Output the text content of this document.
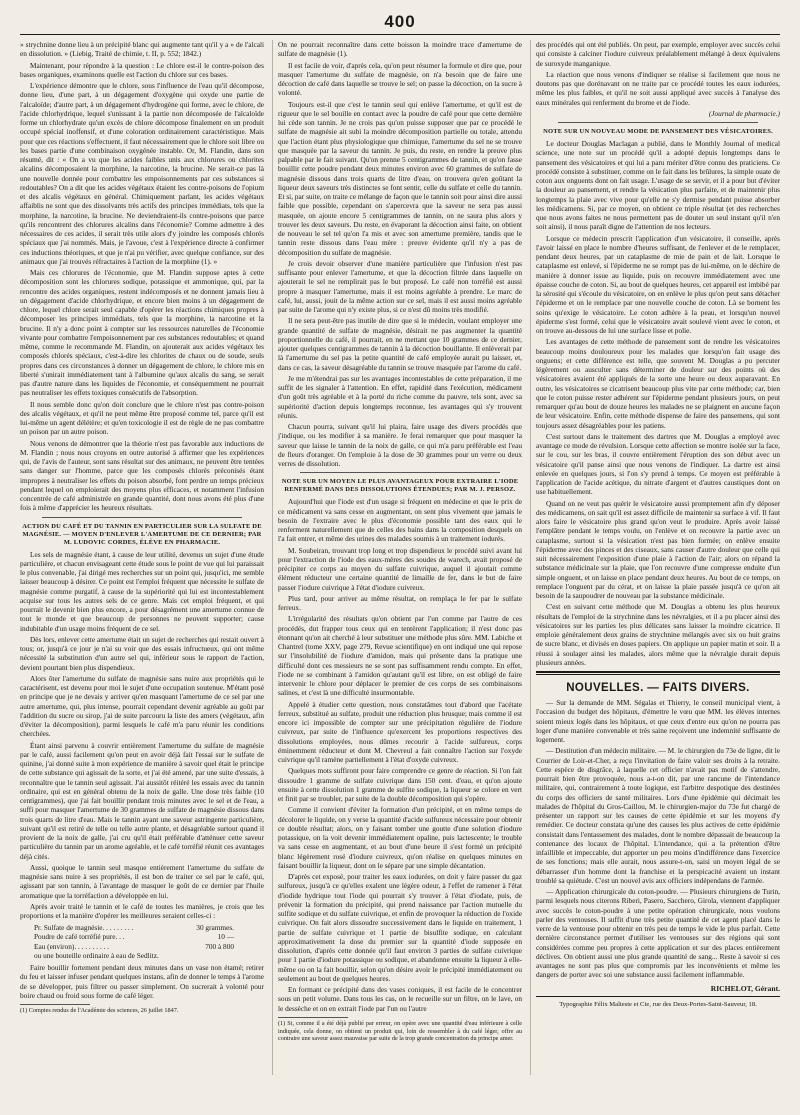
400

» strychnine donne lieu à un précipité blanc qui augmente tant qu'il y a » de l'alcali en dissolution. » (Liebig, Traité de chimie, t. II, p. 552; 1842.)

Maintenant, pour répondre à la question : Le chlore est-il le contre-poison des bases organiques, examinons quelle est l'action du chlore sur ces bases.

L'expérience démontre que le chlore, sous l'influence de l'eau qu'il décompose, donne lieu, d'une part, à un dégagement d'oxygène qui oxyde une partie de l'alcaloïde; d'autre part, à un dégagement d'hydrogène qui forme, avec le chlore, de l'acide chlorhydrique, lequel s'unissant à la partie non décomposée de l'alcaloïde forme un chlorhydrate qu'un excès de chlore décompose finalement en un produit occupé spécial inoffensif, et d'une coloration ordinairement caractéristique. Mais pour que ces réactions s'effectuent, il faut nécessairement que le chlore soit libre ou les bases partie d'une combinaison oxygénée instable. Or, M. Flandin, dans son résumé, dit : « On a vu que les acides faibles unis aux chlorures ou chlorites alcalins décomposaient la morphine, la narcotine, la brucine. Ne serait-ce pas là une nouvelle donnée pour combattre les empoisonnements par ces substances si redoutables? On a dit que les acides végétaux étaient les contre-poisons de l'opium et des alcalis végétaux en général. Chimiquement parlant, les acides végétaux affaiblis ne sont que des dissolvants très actifs des principes immédiats, tels que la morphine, la narcotine, la brucine. Ne deviendraient-ils contre-poisons que parce qu'ils rencontrent des chlorures alcalins dans l'économie? Comme admettre à des nécessaires de ces acides, il serait très utile alors d'y joindre les composés chlorés spéciaux que j'ai nommés. Mais, je l'avoue, c'est à l'expérience directe à confirmer ces inductions théoriques, et que je n'ai pu vérifier, avec quelque confiance, sur des animaux que j'ai trouvés réfractaires à l'action de la morphine (1). »

Mais ces chlorures de l'économie, que M. Flandin suppose aptes à cette décomposition sont les chlorures sodique, potassique et ammonique, qui, par la rencontre des acides organiques, restent indécomposés et ne donnent jamais lieu à un dégagement d'acide chlorhydrique, et encore bien moins à un dégagement de chlore, lequel chlore serait seul capable d'opérer les réactions chimiques propres à décomposer les principes immédiats, tels que la morphine, la narcotine et la brucine. Il n'y a donc point à compter sur les ressources naturelles de l'économie vivante pour combattre l'empoisonnement par ces substances redoutables; et quand même, comme le recommande M. Flandin, on ajouterait aux acides végétaux les composés chlorés spéciaux, c'est-à-dire les chlorites de chaux ou de soude, seuls propres dans ces circonstances à donner un dégagement de chlore, le chlore mis en liberté s'unirait immédiatement tant à l'albumine qu'aux alcalis du sang, se serait pas d'autre nature dans les liquides de l'économie, et conséquemment ne pourrait pas neutraliser les effets toxiques consécutifs de l'absorption.

Il nous semble donc qu'on doit conclure que le chlore n'est pas contre-poison des alcalis végétaux, et qu'il ne peut même être proposé comme tel, parce qu'il est lui-même un agent délétère; et qu'en toxicologie il est de règle de ne pas combattre un poison par un autre poison.

Nous venons de démontrer que la théorie n'est pas favorable aux inductions de M. Flandin ; nous nous croyons en outre autorisé à affirmer que les expériences qui, de l'avis de l'auteur, sont sans résultat sur des animaux, ne peuvent être tentées sans danger sur l'homme, parce que les composés chlorés préconisés étant impropres à neutraliser les effets du poison absorbé, font perdre un temps précieux pendant lequel on emploierait des moyens plus efficaces, et notamment l'infusion concentrée de café administrée en grande quantité, dont nous avons été plus d'une fois à même d'apprécier les heureux résultats.

ACTION DU CAFÉ ET DU TANNIN EN PARTICULIER SUR LA SULFATE DE MAGNÉSIE. — MOYEN D'ENLEVER L'AMERTUME DE CE DERNIER; PAR M. LUDOVIC CORDES, ÉLÈVE EN PHARMACIE.

Les sels de magnésie étant, à cause de leur utilité, devenus un sujet d'une étude particulière, et chacun envisageant cette étude sous le point de vue qui lui paraissait le plus convenable, j'ai dirigé mes recherches sur un point qui, jusqu'ici, me semble laisser beaucoup à désirer. Ce point est l'emploi fréquent que nécessite le sulfate de magnésie comme purgatif, à cause de la supériorité qui lui est incontestablement acquise sur tous les autres sels de ce genre. Mais cet emploi fréquent, et qui pourrait le devenir bien plus encore, a pour désagrément une amertume connue de tout le monde et que beaucoup de personnes ne peuvent supporter; cause indubitable d'un usage moins fréquent de ce sel.

Dès lors, enlever cette amertume était un sujet de recherches qui restait ouvert à tous; or, jusqu'à ce jour je n'ai su voir que des essais infructueux, qui ont même nécessité la substitution d'un autre sel qui, inférieur sous le rapport de l'action, devient pourtant bien plus dispendieux.

Alors ôter l'amertume du sulfate de magnésie sans nuire aux propriétés qui le caractérisent, est devenu pour moi le sujet d'une occupation soutenue. M'étant posé en principe que je ne devais y arriver qu'en masquant l'amertume de ce sel par une autre amertume, qui, plus intense, pourrait cependant devenir agréable au goût par l'addition du sucre ou sirop, j'ai de suite parcouru la liste des amers (végétaux, afin d'éviter la décomposition), parmi lesquels le café m'a paru réunir les conditions cherchées.

Étant ainsi parvenu à couvrir entièrement l'amertume du sulfate de magnésie par le café, aussi facilement qu'on peut en avoir déjà fait l'essai sur le sulfate de quinine, j'ai donné suite à mon expérience de manière à savoir quel était le principe de cette substance qui agissait de la sorte, et j'ai été amené, par une suite d'essais, à reconnaître que le tannin seul agissait. J'ai aussitôt réitéré les essais avec du tannin ordinaire, qui est en général obtenu de la noix de galle. Une dose très faible (10 centigrammes), que j'ai fait bouillir pendant trois minutes avec le sel et de l'eau, a suffi pour masquer l'amertume de 30 grammes de sulfate de magnésie dissous dans trois quarts de litre d'eau. Mais le tannin ayant une saveur astringente particulière, suivant qu'il est retiré de telle ou telle autre plante, et désagréable surtout quand il provient de la noix de galle, j'ai cru qu'il était préférable d'atténuer cette saveur particulière du tannin par un arome agréable, et le café torréfié réunit ces avantages déjà cités.

Aussi, quoique le tannin seul masque entièrement l'amertume du sulfate de magnésie sans nuire à ses propriétés, il est bon de traiter ce sel par le café, qui, agissant par son tannin, à l'avantage de masquer le goût de ce dernier par l'huile aromatique que la torréfaction a développée en lui.

Après avoir traité le tannin et le café de toutes les manières, je crois que les proportions et la manière d'opérer les meilleures seraient celles-ci :

Pr. Sulfate de magnésie. . . . . . . . .	30 grammes.
Poudre de café torréfié pure. . .	10 —
Eau (environ). . . . . . . . . .	700 à 800
ou une bouteille ordinaire à eau de Sedlitz.

Faire bouillir fortement pendant deux minutes dans un vase non étamé; retirer du feu et laisser infuser pendant quelques instans, afin de donner le temps à l'arome de se développer, puis filtrer ou passer simplement. On sucrerait à volonté pour boire chaud ou froid sous forme de café léger.

(1) Comptes rendus de l'Académie des sciences, 26 juillet 1847.

On ne pourrait reconnaître dans cette boisson la moindre trace d'amertume de sulfate de magnésie (1).

Il est facile de voir, d'après cela, qu'on peut résumer la formule et dire que, pour masquer l'amertume du sulfate de magnésie, on n'a besoin que de faire une décoction de café dans laquelle se trouve le sel; on passe la décoction, on la sucre à volonté.

Toujours est-il que c'est le tannin seul qui enlève l'amertume, et qu'il est de rigueur que le sel bouille en contact avec la poudre de café pour que cette dernière lui cède son tannin. Je ne crois pas qu'on puisse supposer que par ce procédé le sulfate de magnésie ait subi la moindre décomposition partielle ou totale, attendu que l'action étant plus physiologique que chimique, l'amertume du sel ne se trouve que masquée par la saveur du tannin. Je puis, du reste, en rendre la preuve plus palpable par le fait suivant. Qu'on prenne 5 centigrammes de tannin, et qu'on fasse bouillir cette poudre pendant deux minutes environ avec 60 grammes de sulfate de magnésie dissous dans trois quarts de litre d'eau, on trouvera qu'en goûtant la liqueur deux saveurs très distinctes se font sentir, celle du sulfate et celle du tannin. Et si, par suite, on traite ce mélange de façon que le tannin soit pour ainsi dire aussi faible que possible, cependant on s'apercevra que la saveur ne sera pas aussi masquée, on ajoute encore 5 centigrammes de tannin, on ne saura plus alors y trouver les deux saveurs. Du reste, en évaporant la décoction ainsi faite, on obtient de nouveau le sel tel qu'on l'a mis et avec son amertume première, tandis que le tannin reste dissous dans l'eau mère : preuve évidente qu'il n'y a pas de décomposition du sulfate de magnésie.

Je crois devoir observer d'une manière particulière que l'infusion n'est pas suffisante pour enlever l'amertume, et que la décoction filtrée dans laquelle on ajouterait le sel ne remplirait pas le but proposé. Le café non torréfié est aussi propre à masquer l'amertume, mais il est moins agréable à prendre. Le marc de café, lui, aussi, jouit de la même action sur ce sel, mais il est aussi moins agréable par suite de l'arome qui n'y existe plus, si ce n'est dû moins très modifié.

Il ne sera peut-être pas inutile de dire que si le médecin, voulant employer une grande quantité de sulfate de magnésie, désirait ne pas augmenter la quantité proportionnelle du café, il pourrait, en ne mettant que 10 grammes de ce dernier, ajouter quelques centigrammes de tannin à la décoction bouillante. Il enlèverait par là l'amertume du sel pas la petite quantité de café employée aurait pu laisser, et, dans ce cas, la saveur désagréable du tannin se trouve masquée par l'arome du café.

Je me m'étendrai pas sur les avantages incontestables de cette préparation, il me suffit de les signaler à l'attention. En effet, rapidité dans l'exécution, médicament d'un goût très agréable et à la porté du riche comme du pauvre, tels sont, avec sa supériorité d'action depuis longtemps reconnue, les avantages qui s'y trouvent réunis.

Chacun pourra, suivant qu'il lui plaira, faire usage des divers procédés que j'indique, ou les modifier à sa manière. Je ferai remarquer que pour masquer la saveur que laisse le tannin de la noix de galle, ce qui m'a paru préférable est l'eau de fleurs d'oranger. On l'emploie à la dose de 30 grammes pour un verre ou deux verres de dissolution.

NOTE SUR UN MOYEN LE PLUS AVANTAGEUX POUR EXTRAIRE L'IODE RENFERMÉ DANS DES DISSOLUTIONS ÉTENDUES; PAR M. J. PERSOZ.

Aujourd'hui que l'iode est d'un usage si fréquent en médecine et que le prix de ce médicament va sans cesse en augmentant, on sent plus vivement que jamais le besoin de l'extraire avec le plus d'économie possible tant des eaux qui le renferment naturellement que de celles des bains dans la composition desquels on l'a fait entrer, et même des urines des malades soumis à un traitement iodurés.

M. Soubeiran, trouvant trop long et trop dispendieux le procédé suivi avant lui pour l'extraction de l'iode des eaux-mères des soudes de warech, avait proposé de précipiter ce corps au moyen du sulfate cuivrique, auquel il ajoutait comme élément réducteur une certaine quantité de limaille de fer, dans le but de faire passer l'iodure cuivrique à l'état d'iodure cuivreux.

Plus tard, pour arriver au même résultat, on remplaça le fer par le sulfate ferreux.

L'irrégularité des résultats qu'on obtient par l'un comme par l'autre de ces procédés, dut frapper tous ceux qui en tentèrent l'application; il n'est donc pas étonnant qu'on ait cherché à leur substituer une méthode plus sûre. MM. Labiche et Chantrel (tome XXV, page 279, Revue scientifique) en ont indiqué une qui repose sur l'insolubilité de l'iodure d'amidon, mais qui présente dans la pratique une difficulté dont ces messieurs ne se sont pas suffisamment rendu compte. En effet, l'iode ne se combinant à l'amidon qu'autant qu'il est libre, on est obligé de faire intervenir le chlore pour déplacer le premier de ces corps de ses combinaisons salines, et c'est là une difficulté insurmontable.

Appelé à étudier cette question, nous constatâmes tout d'abord que l'acétate ferreux, substitué au sulfate, produit une réduction plus brusque; mais comme il est encore ici impossible de compter sur une précipitation régulière de l'iodure cuivreux, par suite de l'influence qu'exercent les proportions respectives des dissolutions employées, nous dûmes recourir à l'acide sulfureux, corps éminemment réducteur et dont M. Chevreul a fait connaître l'action sur l'oxyde cuivrique qu'il ramène partiellement à l'état d'oxyde cuivreux.

Quelques mots suffiront pour faire comprendre ce genre de réaction. Si l'on fait dissoudre 1 gramme de sulfate cuivrique dans 150 cent. d'eau, et qu'on ajoute ensuite à cette dissolution 1 gramme de sulfite sodique, la liqueur se colore en vert et finit par se troubler, par suite de la double décomposition qui s'opère.

Comme il convient d'éviter la formation d'un précipité, et en même temps de décolorer le liquide, on y verse la quantité d'acide sulfureux nécessaire pour obtenir ce double résultat; alors, on y faisant tomber une goutte d'une solution d'iodure potassique, on la voit devenir immédiatement opaline, puis lactescente; le trouble va sans cesse en augmentant, et au bout d'une heure il s'est formé un précipité blanc légèrement rosé d'iodure cuivreux, qu'on réalise en quelques minutes en faisant bouillir la liqueur, dont on le sépare par une simple décantation.

D'après cet exposé, pour traiter les eaux iodurées, on doit y faire passer du gaz sulfureux, jusqu'à ce qu'elles exalent une légère odeur, à l'effet de ramener à l'état d'iodide hydrique tout l'iode qui pourrait s'y trouver à l'état d'iodate, puis, de prévenir la formation du précipité, qui prend naissance par l'action mutuelle du sulfite sodique et du sulfate cuivrique, et enfin de provoquer la réduction de l'oxide cuivrique. On fait alors dissoudre successivement dans le liquide en traitement, 1 partie de sulfate cuivrique et 1 partie de bisulfite sodique, en calculant approximativement la dose du premier sur la quantité d'iode supposée en dissolution, d'après cette donnée qu'il faut environ 3 parties de sulfate cuivrique pour 1 partie d'iodure potassique ou sodique, et abandonne ensuite la liqueur à elle-même ou on la fait bouillir, selon qu'on désire avoir le précipité immédiatement ou seulement au bout de quelques heures.

En formant ce précipité dans des vases coniques, il est facile de le concentrer sous un petit volume. Dans tous les cas, on le recueille sur un filtre, on le lave, on le dessèche et on en extrait l'iode par l'un ou l'autre

(1) Si, comme il a été déjà publié par erreur, on opère avec une quantité d'eau inférieure à celle indiquée, cela donne, on obtient un produit qui, loin de ressembler à du café léger, offre au contraire une saveur assez mauvaise par suite de la trop grande concentration du principe amer.

des procédés qui ont été publiés. On peut, par exemple, employer avec succès celui qui consiste à calciner l'iodure cuivreux préalablement mélangé à deux équivalens de suroxyde manganique.

La réaction que nous venons d'indiquer se réalise si facilement que nous ne doutons pas que dorénavant on ne traite par ce procédé toutes les eaux iodurées, même les plus faibles, et qu'il ne soit aussi appliqué avec succès à l'analyse des eaux minérales qui renferment du brome et de l'iode.

(Journal de pharmacie.)
NOTE SUR UN NOUVEAU MODE DE PANSEMENT DES VÉSICATOIRES.

Le docteur Douglas Maclagan a publié, dans le Monthly Journal of medical science, une note sur un procédé qu'il a adopté depuis longtemps dans le pansement des vésicatoires et qui lui a paru mériter d'être connu des praticiens. Ce procédé consiste à substituer, comme on le fait dans les brûlures, la simple ouate de coton aux onguents dont on fait usage. L'usage de se servir, et il a pour but d'éviter la douleur au pansement, et rendre la vésication plus parfaite, et de maintenir plus longtemps la plaie avec vive pour qu'elle ne s'y dermise pendant puisse absorber les médicamens. Si, par ce moyen, on obtient ce triple résultat (et des recherches que nous avons faites ne nous permettent pas de douter un seul instant qu'il n'en soit ainsi), il nous paraît digne de l'attention de nos lecteurs.

Lorsque ce médecin prescrit l'application d'un vésicatoire, il conseille, après l'avoir laissé en place le nombre d'heures suffisant, de l'enlever et de le remplacer, pendant deux heures, par un cataplasme de mie de pain et de lait. Lorsque le cataplasme est enlevé, si l'épiderme ne se rompt pas de lui-même, on le déchire de manière à donner issue au liquide, puis on recouvre immédiatement avec une épaisse couche de coton. Si, au bout de quelques heures, cet appareil est imbibé par la sérosité qui s'écoule du vésicatoire, on en enlève le plus qu'on peut sans détacher l'épiderme et on le remplace par une nouvelle couche de coton. Là se bornent les soins qu'exige le vésicatoire. Le coton adhère à la peau, et lorsqu'un nouvel épiderme s'est formé, celui que le vésicatoire avait soulevé vient avec le coton, et on trouve au-dessous de lui une surface lisse et polie.

Les avantages de cette méthode de pansement sont de rendre les vésicatoires beaucoup moins douloureux pour les malades que lorsqu'on fait usage des onguens; et cette différence est telle, que souvent M. Douglas a pu percuter légèrement ou ausculter sans déterminer de douleur sur des points où des vésicatoires avaient été appliqués de la sorte une heure ou deux auparavant. En outre, les vésicatoires se cicatrisent beaucoup plus vite par cette méthode; car, bien que le coton puisse rester adhérent sur l'épiderme pendant plusieurs jours, on peut remarquer qu'au bout de douze heures les malades ne se plaignent en aucune façon de leur vésicatoire. Enfin, cette méthode dispense de faire des pansemens, qui sont toujours assez désagréables pour les patiens.

C'est surtout dans le traitement des dartres que M. Douglas a employé avec avantage ce mode de révulsion. Lorsque cette affection se montre isolée sur la face, sur le cou, sur les bras, il couvre entièrement l'éruption des son début avec un vésicatoire qu'il panse ainsi que nous venons de l'indiquer. La dartre est ainsi enlevée en quelques jours, si l'on s'y prend à temps. Ce moyen est préférable à l'application de l'acide acétique, du nitrate d'argent et d'autres caustiques dont on use habituellement.

Quand on ne veut pas quérir le vésicatoire aussi promptement afin d'y déposer des médicamens, on sait qu'il est assez difficile de maintenir sa surface à vif. Il faut alors faire le vésicatoire plus grand qu'on veut le produire. Après avoir laissé l'emplâtre pendant le temps voulu, on l'enlève et on recouvre la partie avec un cataplasme, surtout si la vésication n'est pas bien formée; on enlève ensuite l'épiderme avec des pinces et des ciseaux, sans causer d'autre douleur que celle qui suit nécessairement l'exposition d'une plaie à l'action de l'air; alors on répand la substance médicinale sur la plaie, que l'on recouvre d'une compresse enduite d'un simple onguent, et on laisse en place pendant deux heures. Au bout de ce temps, on remplace l'onguent par du cérat, et on laisse la plaie passée jusqu'à ce qu'on ait besoin de la saupoudrer de nouveau par la substance médicinale.

C'est en suivant cette méthode que M. Douglas a obtenu les plus heureux résultats de l'emploi de la strychnine dans les névralgies, et il a pu placer ainsi des vésicatoires sur les parties les plus délicates sans laisser la moindre cicatrice. Il emploie généralement deux grains de strychnine mélangés avec six ou huit grains de sucre blanc, et divisés en doses papiers. On applique un papier matin et soir. Il a réussi à soulager ainsi les malades, alors même que la névralgie durait depuis plusieurs années.

NOUVELLES. — FAITS DIVERS.

— Sur la demande de MM. Ségalas et Thierry, le conseil municipal vient, à l'occasion du budget des hôpitaux, d'émettre le vœu que MM. les élèves internes soient mieux logés dans les hôpitaux, et que ceux d'entre eux qu'on ne pourra pas loger d'une manière convenable et très saine reçoivent une indemnité suffisante de logement.

— Destitution d'un médecin militaire. — M. le chirurgien du 73e de ligne, dit le Courrier de Loir-et-Cher, a reçu l'invitation de faire valoir ses droits à la retraite. Cette espèce de disgrâce, à laquelle cet officier n'avait pas motif de s'attendre, pourrait bien être provoquée, nous a-t-on dit, par une rancune de l'intendance militaire, qui, contrairement à toute logique, est l'arbitre despotique des destinées du corps des officiers de santé militaires. Lors d'une épidémie qui décimait les malades de l'hôpital du Gros-Caillou, M. le chirurgien-major du 73e fut chargé de présenter un rapport sur les causes de cette épidémie et sur les moyens d'y remédier. Ce docteur constata qu'une des causes les plus actives de cette épidémie consistait dans l'entassement des malades, dont le nombre dépassait de beaucoup la contenance des locaux de l'hôpital. L'intendance, qui a la prétention d'être infaillible et impeccable, dut apporter un peu moins d'indifférence dans l'exercice de ses fonctions; mais elle aurait, nous assure-t-on, saisi un moyen légal de se débarrasser d'un homme dont la franchise et la perspicacité avaient un instant troublé sa quiétude. C'est un nouvel avis aux officiers indépendans de l'armée.

— Application chirurgicale du coton-poudre. — Plusieurs chirurgiens de Turin, parmi lesquels nous citerons Riberi, Pasero, Sacchero, Girola, viennent d'appliquer avec succès le coton-poudre à une petite opération chirurgicale, nous voulons parler des ventouses. Il suffit d'une très petite quantité de cet agent placé dans le verre de la ventouse pour obtenir en très peu de temps le vide le plus parfait. Cette dernière circonstance permet d'utiliser les ventouses sur des régions qui sont considérées comme peu propres à cette application et sur des places entièrement déclives. On obtient aussi une plus grande quantité de sang... Reste à savoir si ces avantages ne sont pas plus que compromis par les inconvénients et même les dangers de porter avec soi une substance aussi facilement inflammable.

RICHELOT, Gérant.
Typographie Félix Malteste et Cie, rue des Deux-Portes-Saint-Sauveur, 18.
